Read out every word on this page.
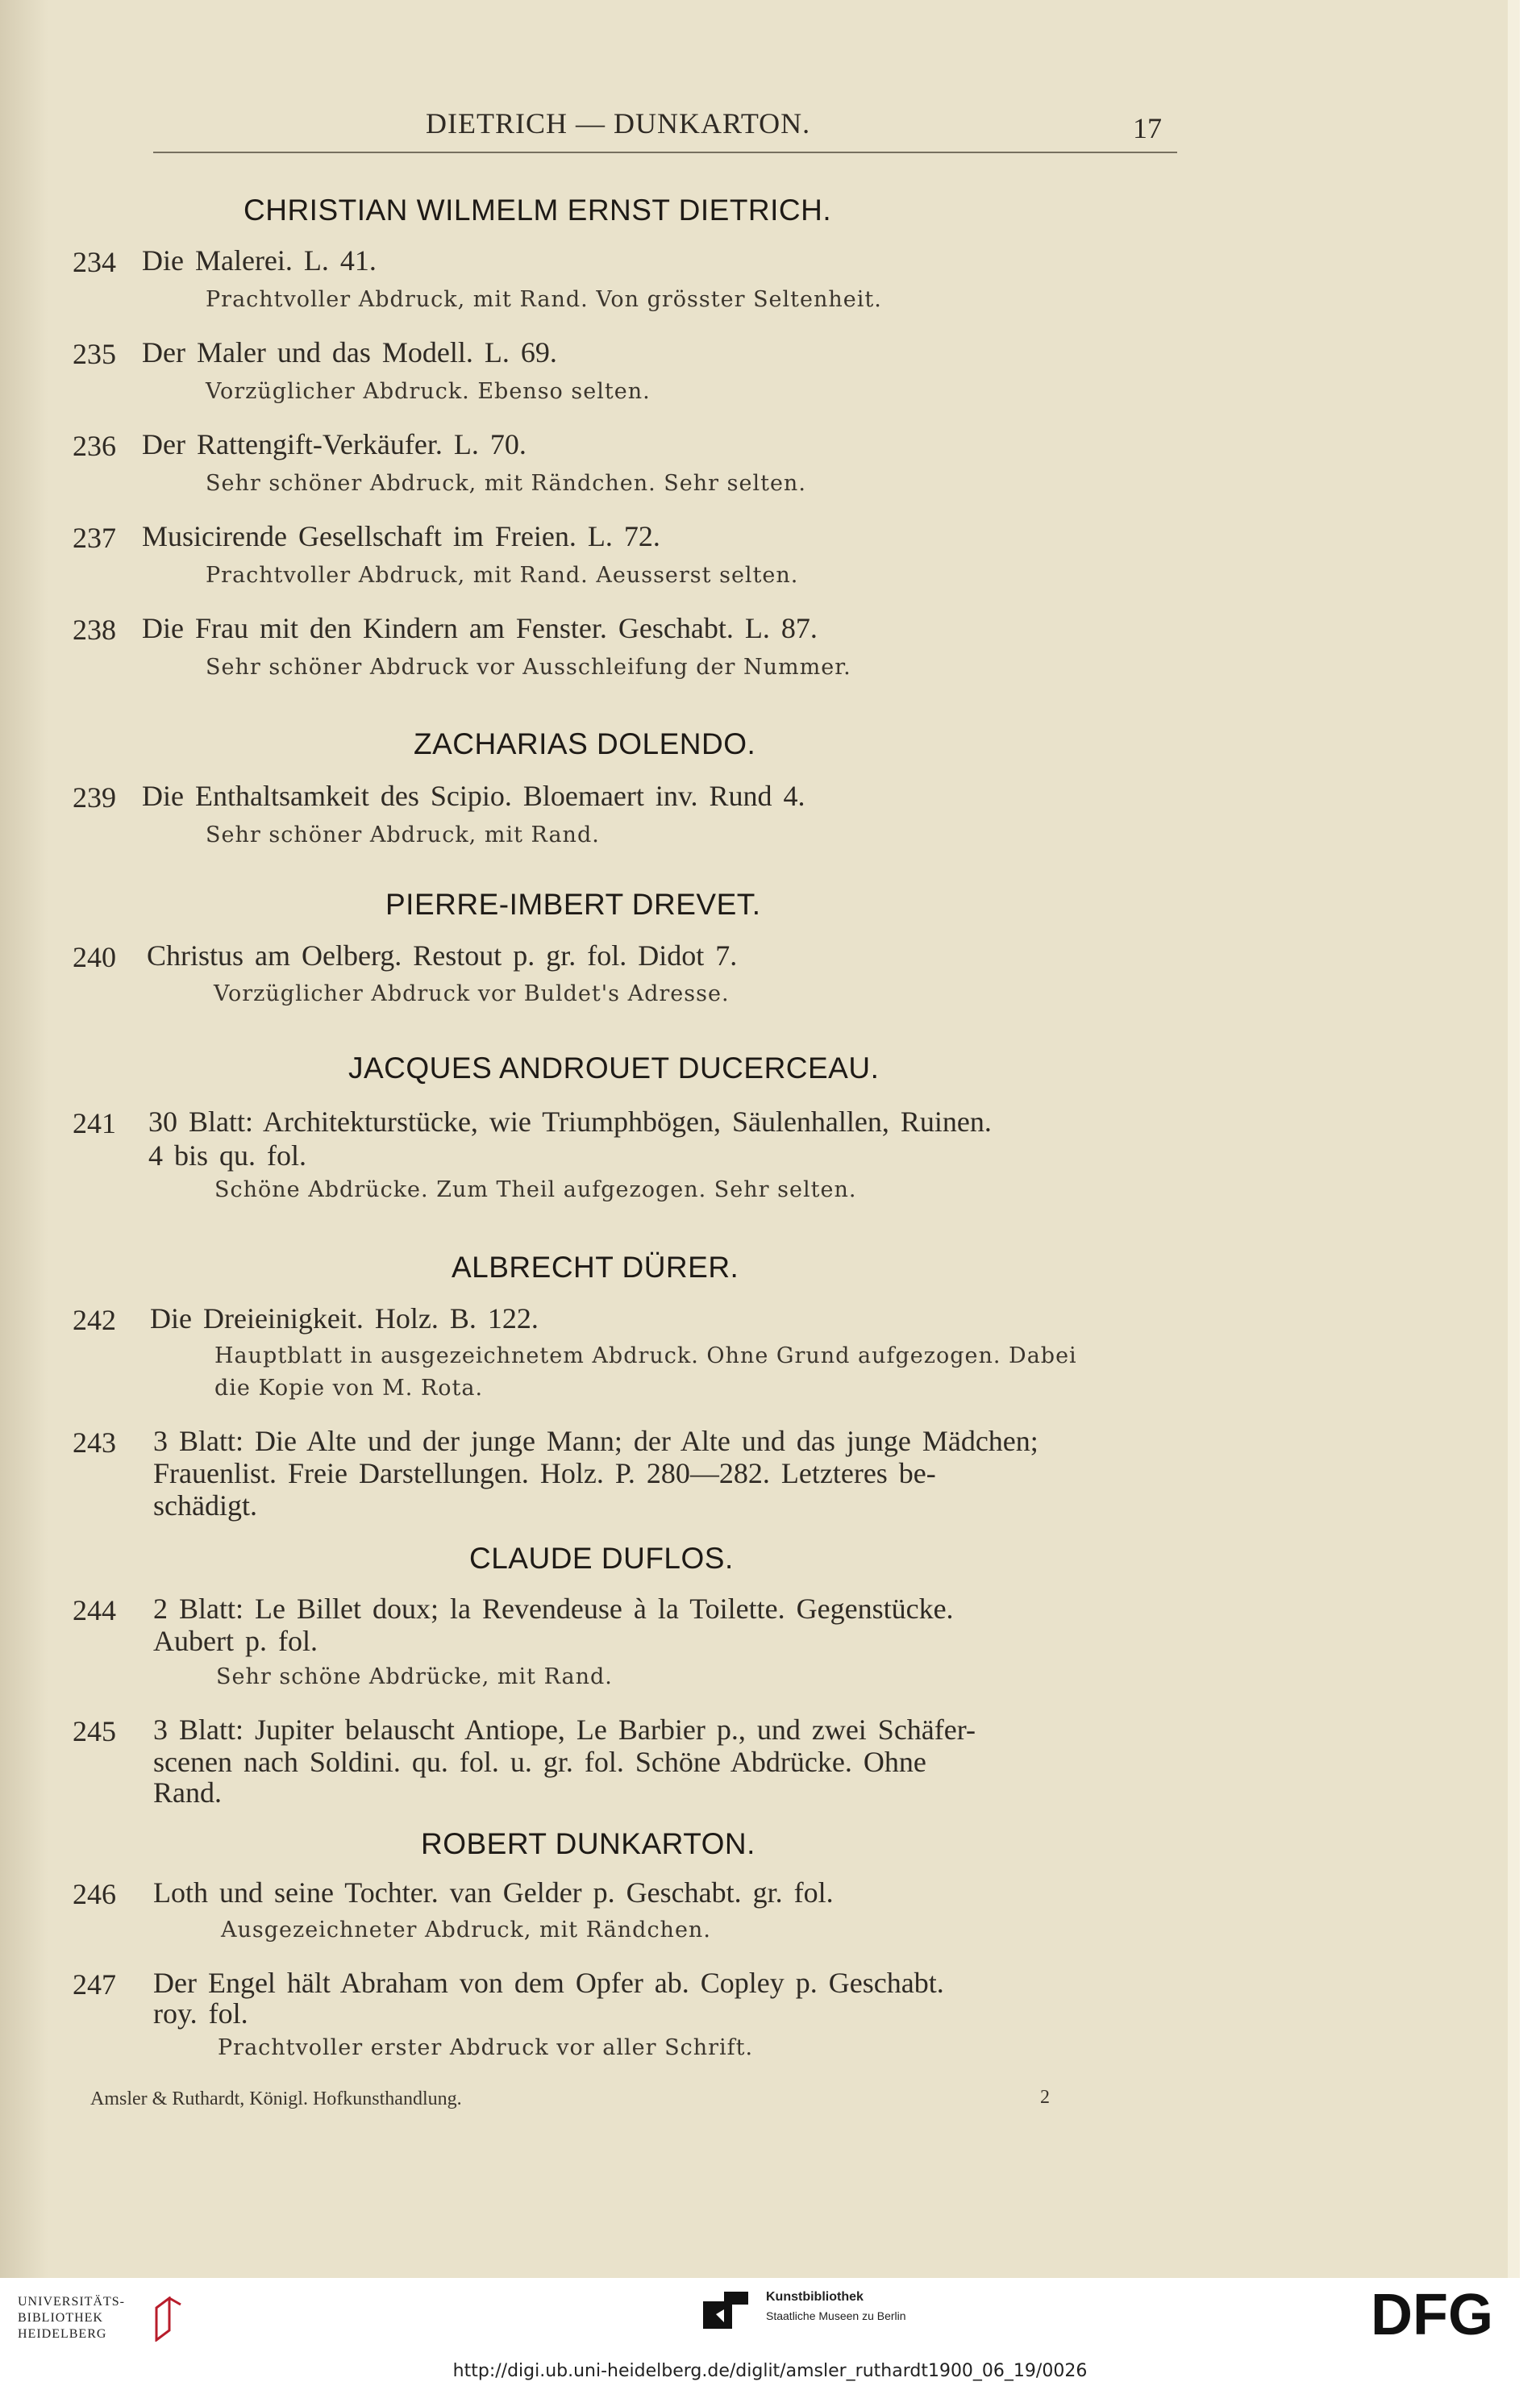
DIETRICH — DUNKARTON.	17
CHRISTIAN WILMELM ERNST DIETRICH.
234 Die Malerei. L. 41.
Prachtvoller Abdruck, mit Rand. Von grösster Seltenheit.
235 Der Maler und das Modell. L. 69.
Vorzüglicher Abdruck. Ebenso selten.
236 Der Rattengift-Verkäufer. L. 70.
Sehr schöner Abdruck, mit Rändchen. Sehr selten.
237 Musicirende Gesellschaft im Freien. L. 72.
Prachtvoller Abdruck, mit Rand. Aeusserst selten.
238 Die Frau mit den Kindern am Fenster. Geschabt. L. 87.
Sehr schöner Abdruck vor Ausschleifung der Nummer.
ZACHARIAS DOLENDO.
239 Die Enthaltsamkeit des Scipio. Bloemaert inv. Rund 4.
Sehr schöner Abdruck, mit Rand.
PIERRE-IMBERT DREVET.
240 Christus am Oelberg. Restout p. gr. fol. Didot 7.
Vorzüglicher Abdruck vor Buldet's Adresse.
JACQUES ANDROUET DUCERCEAU.
241 30 Blatt: Architekturstücke, wie Triumphbögen, Säulenhallen, Ruinen.
4 bis qu. fol.
Schöne Abdrücke. Zum Theil aufgezogen. Sehr selten.
ALBRECHT DÜRER.
242 Die Dreieinigkeit. Holz. B. 122.
Hauptblatt in ausgezeichnetem Abdruck. Ohne Grund aufgezogen. Dabei
die Kopie von M. Rota.
243 3 Blatt: Die Alte und der junge Mann; der Alte und das junge Mädchen;
Frauenlist. Freie Darstellungen. Holz. P. 280—282. Letzteres be-
schädigt.
CLAUDE DUFLOS.
244 2 Blatt: Le Billet doux; la Revendeuse à la Toilette. Gegenstücke.
Aubert p. fol.
Sehr schöne Abdrücke, mit Rand.
245 3 Blatt: Jupiter belauscht Antiope, Le Barbier p., und zwei Schäfer-
scenen nach Soldini. qu. fol. u. gr. fol. Schöne Abdrücke. Ohne
Rand.
ROBERT DUNKARTON.
246 Loth und seine Tochter. van Gelder p. Geschabt. gr. fol.
Ausgezeichneter Abdruck, mit Rändchen.
247 Der Engel hält Abraham von dem Opfer ab. Copley p. Geschabt.
roy. fol.
Prachtvoller erster Abdruck vor aller Schrift.
Amsler & Ruthardt, Königl. Hofkunsthandlung.	2
UNIVERSITÄTS-
BIBLIOTHEK
HEIDELBERG
Kunstbibliothek
Staatliche Museen zu Berlin	DFG
http://digi.ub.uni-heidelberg.de/diglit/amsler_ruthardt1900_06_19/0026
